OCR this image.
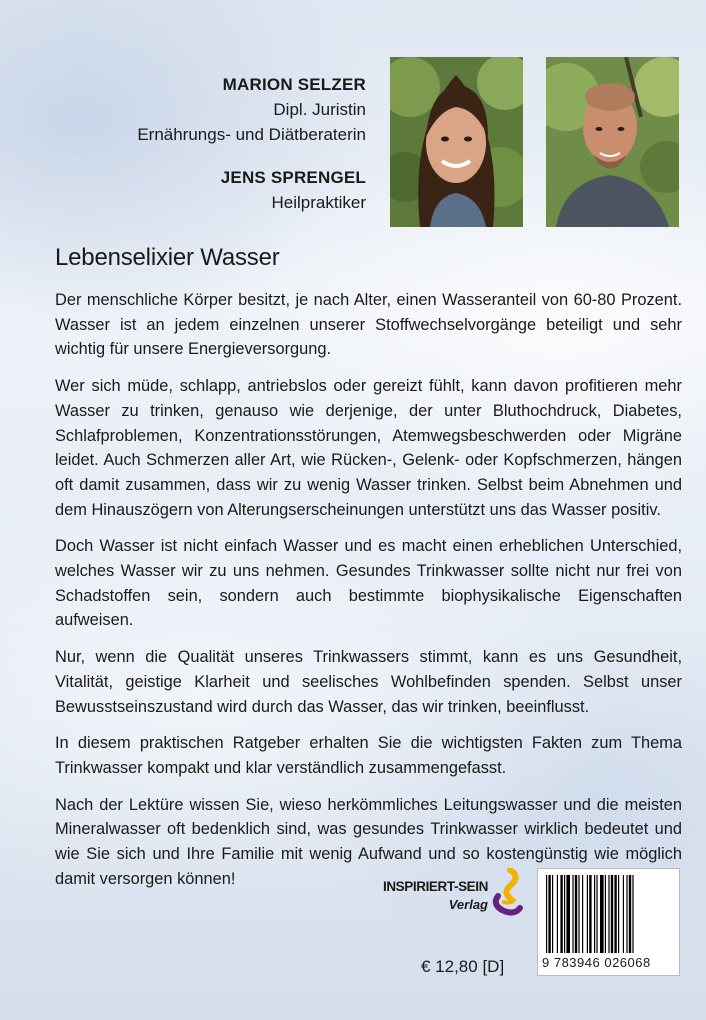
MARION SELZER
Dipl. Juristin
Ernährungs- und Diätberaterin
JENS SPRENGEL
Heilpraktiker
Lebenselixier Wasser

Der menschliche Körper besitzt, je nach Alter, einen Wasseranteil von 60-80 Prozent. Wasser ist an jedem einzelnen unserer Stoffwechselvorgänge beteiligt und sehr wichtig für unsere Energieversorgung.

Wer sich müde, schlapp, antriebslos oder gereizt fühlt, kann davon profitieren mehr Wasser zu trinken, genauso wie derjenige, der unter Bluthochdruck, Diabetes, Schlafproblemen, Konzentrationsstörungen, Atemwegsbeschwerden oder Migräne leidet. Auch Schmerzen aller Art, wie Rücken-, Gelenk- oder Kopfschmerzen, hängen oft damit zusammen, dass wir zu wenig Wasser trinken. Selbst beim Abnehmen und dem Hinauszögern von Alterungserscheinungen unterstützt uns das Wasser positiv.

Doch Wasser ist nicht einfach Wasser und es macht einen erheblichen Unterschied, welches Wasser wir zu uns nehmen. Gesundes Trinkwasser sollte nicht nur frei von Schadstoffen sein, sondern auch bestimmte biophysikalische Eigenschaften aufweisen.

Nur, wenn die Qualität unseres Trinkwassers stimmt, kann es uns Gesundheit, Vitalität, geistige Klarheit und seelisches Wohlbefinden spenden. Selbst unser Bewusstseinszustand wird durch das Wasser, das wir trinken, beeinflusst.

In diesem praktischen Ratgeber erhalten Sie die wichtigsten Fakten zum Thema Trinkwasser kompakt und klar verständlich zusammengefasst.

Nach der Lektüre wissen Sie, wieso herkömmliches Leitungswasser und die meisten Mineralwasser oft bedenklich sind, was gesundes Trinkwasser wirklich bedeutet und wie Sie sich und Ihre Familie mit wenig Aufwand und so kostengünstig wie möglich damit versorgen können!	INSPIRIERT-SEIN
Verlag
€ 12,80 [D]	9 783946 026068
